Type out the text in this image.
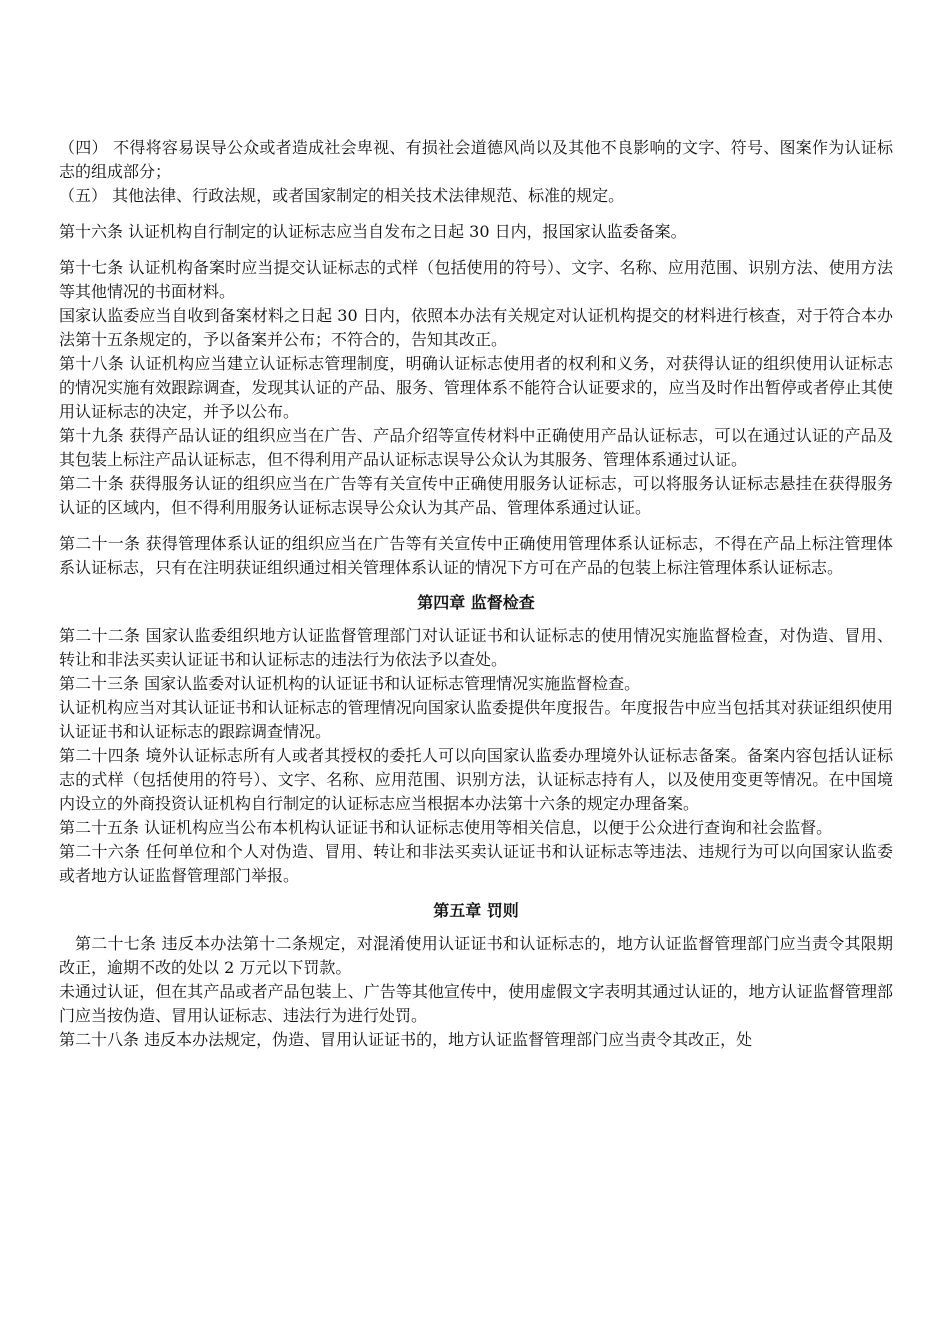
（四） 不得将容易误导公众或者造成社会卑视、有损社会道德风尚以及其他不良影响的文字、符号、图案作为认证标志的组成部分；

（五） 其他法律、行政法规，或者国家制定的相关技术法律规范、标准的规定。

第十六条 认证机构自行制定的认证标志应当自发布之日起 30 日内，报国家认监委备案。

第十七条 认证机构备案时应当提交认证标志的式样（包括使用的符号）、文字、名称、应用范围、识别方法、使用方法等其他情况的书面材料。

国家认监委应当自收到备案材料之日起 30 日内，依照本办法有关规定对认证机构提交的材料进行核查，对于符合本办法第十五条规定的，予以备案并公布；不符合的，告知其改正。

第十八条 认证机构应当建立认证标志管理制度，明确认证标志使用者的权利和义务，对获得认证的组织使用认证标志的情况实施有效跟踪调查，发现其认证的产品、服务、管理体系不能符合认证要求的，应当及时作出暂停或者停止其使用认证标志的决定，并予以公布。

第十九条 获得产品认证的组织应当在广告、产品介绍等宣传材料中正确使用产品认证标志，可以在通过认证的产品及其包装上标注产品认证标志，但不得利用产品认证标志误导公众认为其服务、管理体系通过认证。

第二十条 获得服务认证的组织应当在广告等有关宣传中正确使用服务认证标志，可以将服务认证标志悬挂在获得服务认证的区域内，但不得利用服务认证标志误导公众认为其产品、管理体系通过认证。

第二十一条 获得管理体系认证的组织应当在广告等有关宣传中正确使用管理体系认证标志，不得在产品上标注管理体系认证标志，只有在注明获证组织通过相关管理体系认证的情况下方可在产品的包装上标注管理体系认证标志。

第四章 监督检查

第二十二条 国家认监委组织地方认证监督管理部门对认证证书和认证标志的使用情况实施监督检查，对伪造、冒用、转让和非法买卖认证证书和认证标志的违法行为依法予以查处。

第二十三条 国家认监委对认证机构的认证证书和认证标志管理情况实施监督检查。

认证机构应当对其认证证书和认证标志的管理情况向国家认监委提供年度报告。年度报告中应当包括其对获证组织使用认证证书和认证标志的跟踪调查情况。

第二十四条 境外认证标志所有人或者其授权的委托人可以向国家认监委办理境外认证标志备案。备案内容包括认证标志的式样（包括使用的符号）、文字、名称、应用范围、识别方法，认证标志持有人，以及使用变更等情况。在中国境内设立的外商投资认证机构自行制定的认证标志应当根据本办法第十六条的规定办理备案。

第二十五条 认证机构应当公布本机构认证证书和认证标志使用等相关信息，以便于公众进行查询和社会监督。

第二十六条 任何单位和个人对伪造、冒用、转让和非法买卖认证证书和认证标志等违法、违规行为可以向国家认监委或者地方认证监督管理部门举报。

第五章 罚则

第二十七条 违反本办法第十二条规定，对混淆使用认证证书和认证标志的，地方认证监督管理部门应当责令其限期改正，逾期不改的处以 2 万元以下罚款。

未通过认证，但在其产品或者产品包装上、广告等其他宣传中，使用虚假文字表明其通过认证的，地方认证监督管理部门应当按伪造、冒用认证标志、违法行为进行处罚。

第二十八条 违反本办法规定，伪造、冒用认证证书的，地方认证监督管理部门应当责令其改正，处
